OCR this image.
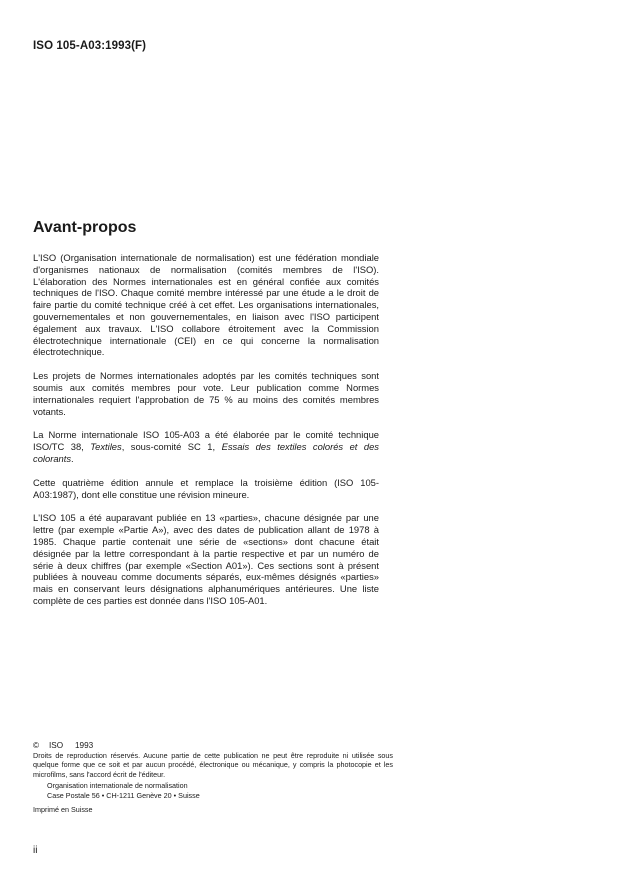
ISO 105-A03:1993(F)
Avant-propos

L'ISO (Organisation internationale de normalisation) est une fédération mondiale d'organismes nationaux de normalisation (comités membres de l'ISO). L'élaboration des Normes internationales est en général confiée aux comités techniques de l'ISO. Chaque comité membre intéressé par une étude a le droit de faire partie du comité technique créé à cet effet. Les organisations internationales, gouvernementales et non gouvernementales, en liaison avec l'ISO participent également aux travaux. L'ISO collabore étroitement avec la Commission électrotechnique internationale (CEI) en ce qui concerne la normalisation électrotechnique.

Les projets de Normes internationales adoptés par les comités techniques sont soumis aux comités membres pour vote. Leur publication comme Normes internationales requiert l'approbation de 75 % au moins des comités membres votants.

La Norme internationale ISO 105-A03 a été élaborée par le comité technique ISO/TC 38, Textiles, sous-comité SC 1, Essais des textiles colorés et des colorants.

Cette quatrième édition annule et remplace la troisième édition (ISO 105-A03:1987), dont elle constitue une révision mineure.

L'ISO 105 a été auparavant publiée en 13 «parties», chacune désignée par une lettre (par exemple «Partie A»), avec des dates de publication allant de 1978 à 1985. Chaque partie contenait une série de «sections» dont chacune était désignée par la lettre correspondant à la partie respective et par un numéro de série à deux chiffres (par exemple «Section A01»). Ces sections sont à présent publiées à nouveau comme documents séparés, eux-mêmes désignés «parties» mais en conservant leurs désignations alphanumériques antérieures. Une liste complète de ces parties est donnée dans l'ISO 105-A01.

© ISO 1993
Droits de reproduction réservés. Aucune partie de cette publication ne peut être reproduite ni utilisée sous quelque forme que ce soit et par aucun procédé, électronique ou mécanique, y compris la photocopie et les microfilms, sans l'accord écrit de l'éditeur.
Organisation internationale de normalisation
Case Postale 56 • CH-1211 Genève 20 • Suisse
Imprimé en Suisse
ii
